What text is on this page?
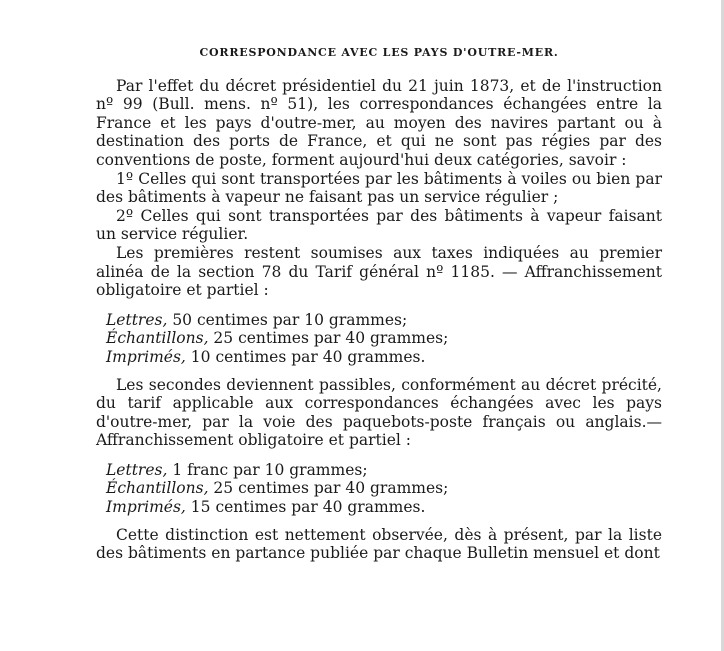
CORRESPONDANCE AVEC LES PAYS D'OUTRE-MER.

Par l'effet du décret présidentiel du 21 juin 1873, et de l'instruction nº 99 (Bull. mens. nº 51), les correspondances échangées entre la France et les pays d'outre-mer, au moyen des navires partant ou à destination des ports de France, et qui ne sont pas régies par des conventions de poste, forment aujourd'hui deux catégories, savoir :

1º Celles qui sont transportées par les bâtiments à voiles ou bien par des bâtiments à vapeur ne faisant pas un service régulier ;

2º Celles qui sont transportées par des bâtiments à vapeur faisant un service régulier.

Les premières restent soumises aux taxes indiquées au premier alinéa de la section 78 du Tarif général nº 1185. — Affranchissement obligatoire et partiel :

Lettres, 50 centimes par 10 grammes;
Échantillons, 25 centimes par 40 grammes;
Imprimés, 10 centimes par 40 grammes.

Les secondes deviennent passibles, conformément au décret précité, du tarif applicable aux correspondances échangées avec les pays d'outre-mer, par la voie des paquebots-poste français ou anglais.—Affranchissement obligatoire et partiel :

Lettres, 1 franc par 10 grammes;
Échantillons, 25 centimes par 40 grammes;
Imprimés, 15 centimes par 40 grammes.

Cette distinction est nettement observée, dès à présent, par la liste des bâtiments en partance publiée par chaque Bulletin mensuel et dont
